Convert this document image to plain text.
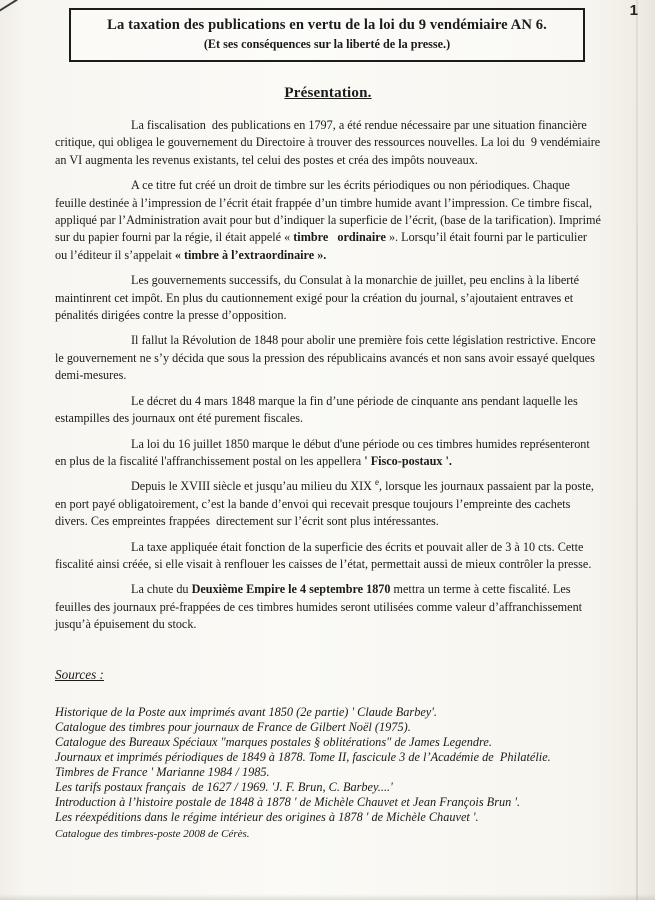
1
La taxation des publications en vertu de la loi du 9 vendémiaire AN 6.
(Et ses conséquences sur la liberté de la presse.)
Présentation.

La fiscalisation  des publications en 1797, a été rendue nécessaire par une situation financière critique, qui obligea le gouvernement du Directoire à trouver des ressources nouvelles. La loi du  9 vendémiaire an VI augmenta les revenus existants, tel celui des postes et créa des impôts nouveaux.

A ce titre fut créé un droit de timbre sur les écrits périodiques ou non périodiques. Chaque feuille destinée à l’impression de l’écrit était frappée d’un timbre humide avant l’impression. Ce timbre fiscal, appliqué par l’Administration avait pour but d’indiquer la superficie de l’écrit, (base de la tarification). Imprimé sur du papier fourni par la régie, il était appelé « timbre   ordinaire ». Lorsqu’il était fourni par le particulier ou l’éditeur il s’appelait « timbre à l’extraordinaire ».

Les gouvernements successifs, du Consulat à la monarchie de juillet, peu enclins à la liberté maintinrent cet impôt. En plus du cautionnement exigé pour la création du journal, s’ajoutaient entraves et pénalités dirigées contre la presse d’opposition.

Il fallut la Révolution de 1848 pour abolir une première fois cette législation restrictive. Encore le gouvernement ne s’y décida que sous la pression des républicains avancés et non sans avoir essayé quelques demi-mesures.

Le décret du 4 mars 1848 marque la fin d’une période de cinquante ans pendant laquelle les estampilles des journaux ont été purement fiscales.

La loi du 16 juillet 1850 marque le début d'une période ou ces timbres humides représenteront en plus de la fiscalité l'affranchissement postal on les appellera ' Fisco-postaux '.

Depuis le XVIII siècle et jusqu’au milieu du XIX $^e$, lorsque les journaux passaient par la poste, en port payé obligatoirement, c’est la bande d’envoi qui recevait presque toujours l’empreinte des cachets divers. Ces empreintes frappées  directement sur l’écrit sont plus intéressantes.

La taxe appliquée était fonction de la superficie des écrits et pouvait aller de 3 à 10 cts. Cette fiscalité ainsi créée, si elle visait à renflouer les caisses de l’état, permettait aussi de mieux contrôler la presse.

La chute du Deuxième Empire le 4 septembre 1870 mettra un terme à cette fiscalité. Les feuilles des journaux pré-frappées de ces timbres humides seront utilisées comme valeur d’affranchissement  jusqu’à épuisement du stock.

Sources :
Historique de la Poste aux imprimés avant 1850 (2e partie) ' Claude Barbey'.
Catalogue des timbres pour journaux de France de Gilbert Noël (1975).
Catalogue des Bureaux Spéciaux "marques postales § oblitérations" de James Legendre.
Journaux et imprimés périodiques de 1849 à 1878. Tome II, fascicule 3 de l’Académie de  Philatélie.
Timbres de France ' Marianne 1984 / 1985.
Les tarifs postaux français  de 1627 / 1969. 'J. F. Brun, C. Barbey....'
Introduction à l’histoire postale de 1848 à 1878 ' de Michèle Chauvet et Jean François Brun '.
Les réexpéditions dans le régime intérieur des origines à 1878 ' de Michèle Chauvet '.
Catalogue des timbres-poste 2008 de Cérès.
